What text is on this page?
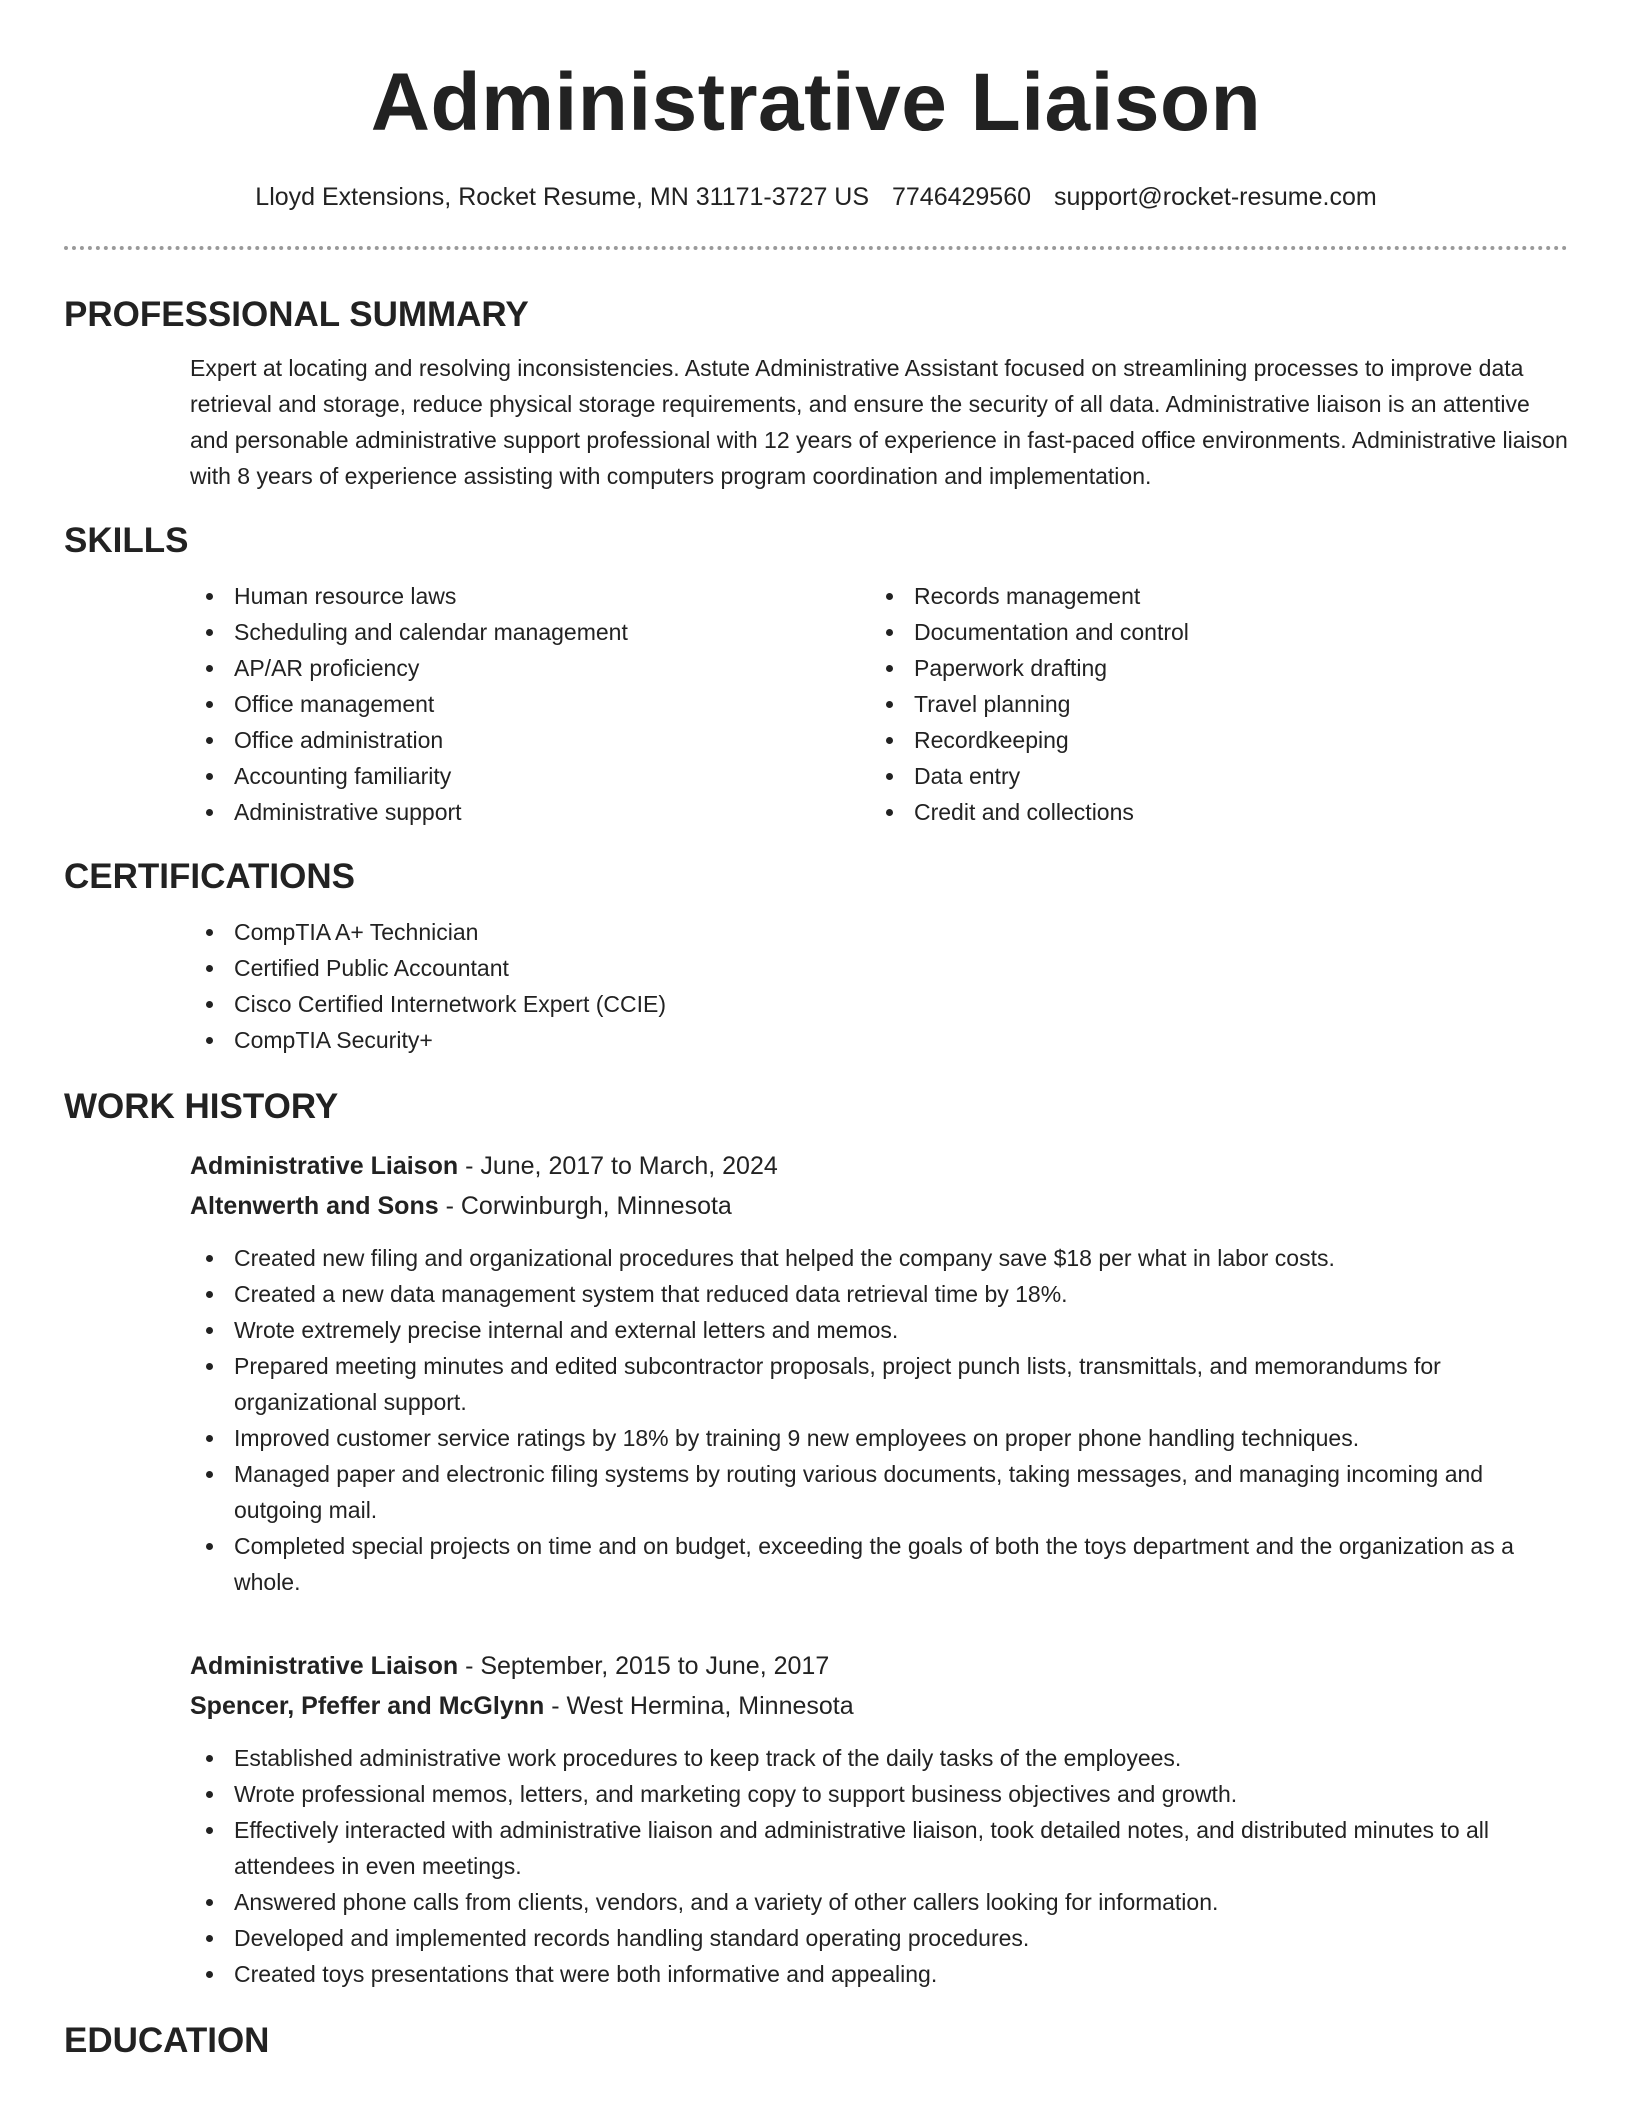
Administrative Liaison
Lloyd Extensions, Rocket Resume, MN 31171-3727 US 7746429560 support@rocket-resume.com
PROFESSIONAL SUMMARY

Expert at locating and resolving inconsistencies. Astute Administrative Assistant focused on streamlining processes to improve data retrieval and storage, reduce physical storage requirements, and ensure the security of all data. Administrative liaison is an attentive and personable administrative support professional with 12 years of experience in fast-paced office environments. Administrative liaison with 8 years of experience assisting with computers program coordination and implementation.

SKILLS
Human resource laws
Scheduling and calendar management
AP/AR proficiency
Office management
Office administration
Accounting familiarity
Administrative support
Records management
Documentation and control
Paperwork drafting
Travel planning
Recordkeeping
Data entry
Credit and collections
CERTIFICATIONS
CompTIA A+ Technician
Certified Public Accountant
Cisco Certified Internetwork Expert (CCIE)
CompTIA Security+
WORK HISTORY
Administrative Liaison - June, 2017 to March, 2024
Altenwerth and Sons - Corwinburgh, Minnesota
Created new filing and organizational procedures that helped the company save $18 per what in labor costs.
Created a new data management system that reduced data retrieval time by 18%.
Wrote extremely precise internal and external letters and memos.
Prepared meeting minutes and edited subcontractor proposals, project punch lists, transmittals, and memorandums for organizational support.
Improved customer service ratings by 18% by training 9 new employees on proper phone handling techniques.
Managed paper and electronic filing systems by routing various documents, taking messages, and managing incoming and outgoing mail.
Completed special projects on time and on budget, exceeding the goals of both the toys department and the organization as a whole.
Administrative Liaison - September, 2015 to June, 2017
Spencer, Pfeffer and McGlynn - West Hermina, Minnesota
Established administrative work procedures to keep track of the daily tasks of the employees.
Wrote professional memos, letters, and marketing copy to support business objectives and growth.
Effectively interacted with administrative liaison and administrative liaison, took detailed notes, and distributed minutes to all attendees in even meetings.
Answered phone calls from clients, vendors, and a variety of other callers looking for information.
Developed and implemented records handling standard operating procedures.
Created toys presentations that were both informative and appealing.
EDUCATION
